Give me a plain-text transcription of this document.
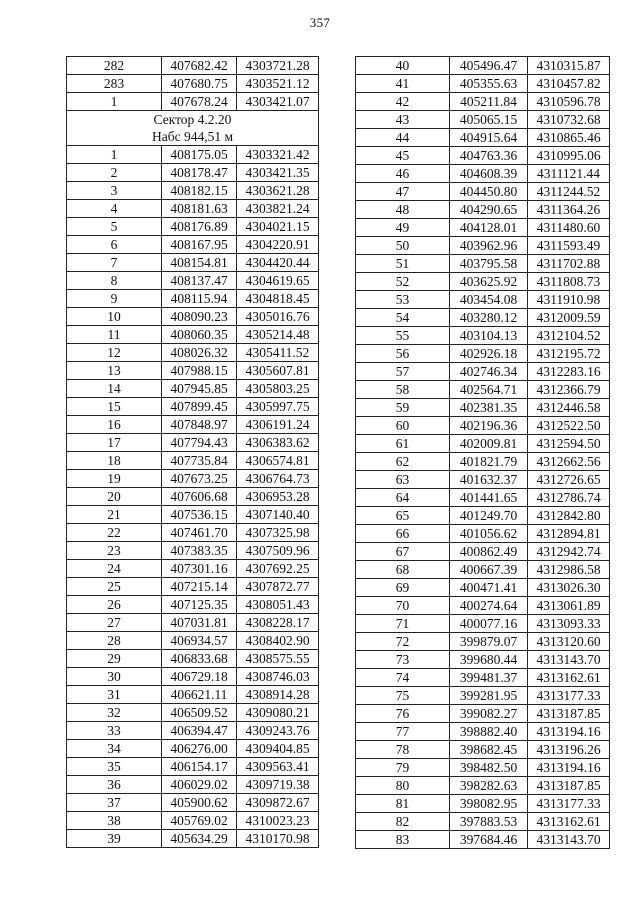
357
282	407682.42	4303721.28
283	407680.75	4303521.12
1	407678.24	4303421.07

Сектор 4.2.20
Набс 944,51 м		

1	408175.05	4303321.42
2	408178.47	4303421.35
3	408182.15	4303621.28
4	408181.63	4303821.24
5	408176.89	4304021.15
6	408167.95	4304220.91
7	408154.81	4304420.44
8	408137.47	4304619.65
9	408115.94	4304818.45
10	408090.23	4305016.76
11	408060.35	4305214.48
12	408026.32	4305411.52
13	407988.15	4305607.81
14	407945.85	4305803.25
15	407899.45	4305997.75
16	407848.97	4306191.24
17	407794.43	4306383.62
18	407735.84	4306574.81
19	407673.25	4306764.73
20	407606.68	4306953.28
21	407536.15	4307140.40
22	407461.70	4307325.98
23	407383.35	4307509.96
24	407301.16	4307692.25
25	407215.14	4307872.77
26	407125.35	4308051.43
27	407031.81	4308228.17
28	406934.57	4308402.90
29	406833.68	4308575.55
30	406729.18	4308746.03
31	406621.11	4308914.28
32	406509.52	4309080.21
33	406394.47	4309243.76
34	406276.00	4309404.85
35	406154.17	4309563.41
36	406029.02	4309719.38
37	405900.62	4309872.67
38	405769.02	4310023.23
39	405634.29	4310170.98
40	405496.47	4310315.87
41	405355.63	4310457.82
42	405211.84	4310596.78
43	405065.15	4310732.68
44	404915.64	4310865.46
45	404763.36	4310995.06
46	404608.39	4311121.44
47	404450.80	4311244.52
48	404290.65	4311364.26
49	404128.01	4311480.60
50	403962.96	4311593.49
51	403795.58	4311702.88
52	403625.92	4311808.73
53	403454.08	4311910.98
54	403280.12	4312009.59
55	403104.13	4312104.52
56	402926.18	4312195.72
57	402746.34	4312283.16
58	402564.71	4312366.79
59	402381.35	4312446.58
60	402196.36	4312522.50
61	402009.81	4312594.50
62	401821.79	4312662.56
63	401632.37	4312726.65
64	401441.65	4312786.74
65	401249.70	4312842.80
66	401056.62	4312894.81
67	400862.49	4312942.74
68	400667.39	4312986.58
69	400471.41	4313026.30
70	400274.64	4313061.89
71	400077.16	4313093.33
72	399879.07	4313120.60
73	399680.44	4313143.70
74	399481.37	4313162.61
75	399281.95	4313177.33
76	399082.27	4313187.85
77	398882.40	4313194.16
78	398682.45	4313196.26
79	398482.50	4313194.16
80	398282.63	4313187.85
81	398082.95	4313177.33
82	397883.53	4313162.61
83	397684.46	4313143.70
